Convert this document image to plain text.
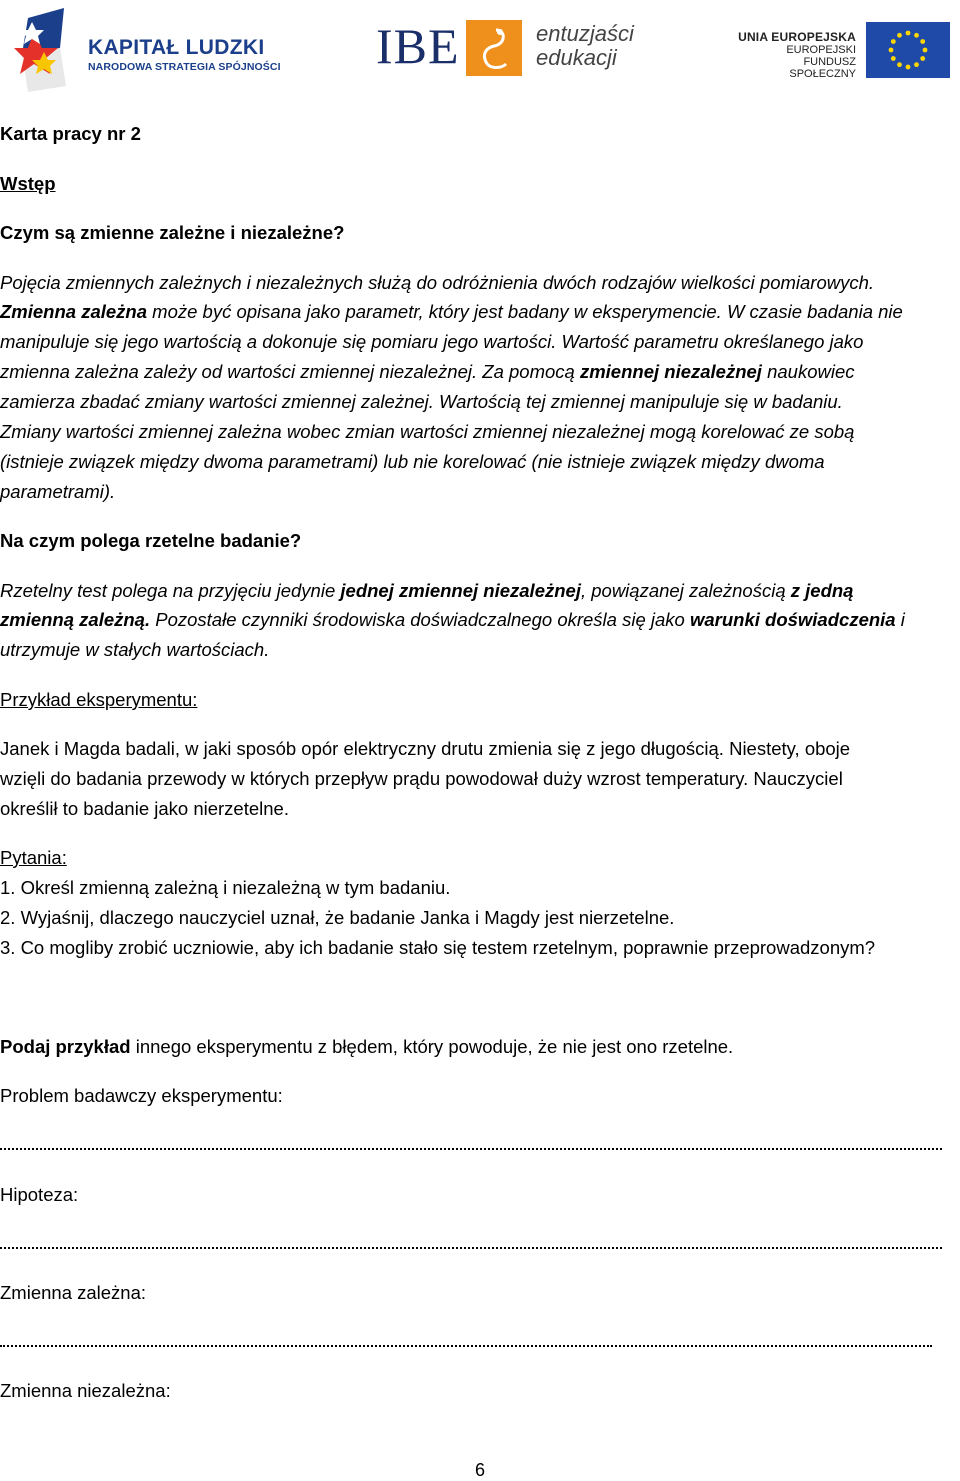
KAPITAŁ LUDZKI
NARODOWA STRATEGIA SPÓJNOŚCI IBE	entuzjaści
edukacji
UNIA EUROPEJSKA
EUROPEJSKI
FUNDUSZ SPOŁECZNY
Karta pracy nr 2
Wstęp
Czym są zmienne zależne i niezależne?
Pojęcia zmiennych zależnych i niezależnych służą do odróżnienia dwóch rodzajów wielkości pomiarowych.
Zmienna zależna może być opisana jako parametr, który jest badany w eksperymencie. W czasie badania nie
manipuluje się jego wartością a dokonuje się pomiaru jego wartości. Wartość parametru określanego jako
zmienna zależna zależy od wartości zmiennej niezależnej. Za pomocą zmiennej niezależnej naukowiec
zamierza zbadać zmiany wartości zmiennej zależnej. Wartością tej zmiennej manipuluje się w badaniu.
Zmiany wartości zmiennej zależna wobec zmian wartości zmiennej niezależnej mogą korelować ze sobą
(istnieje związek między dwoma parametrami) lub nie korelować (nie istnieje związek między dwoma
parametrami).
Na czym polega rzetelne badanie?
Rzetelny test polega na przyjęciu jedynie jednej zmiennej niezależnej, powiązanej zależnością z jedną
zmienną zależną. Pozostałe czynniki środowiska doświadczalnego określa się jako warunki doświadczenia i
utrzymuje w stałych wartościach.
Przykład eksperymentu:
Janek i Magda badali, w jaki sposób opór elektryczny drutu zmienia się z jego długością. Niestety, oboje
wzięli do badania przewody w których przepływ prądu powodował duży wzrost temperatury. Nauczyciel
określił to badanie jako nierzetelne.
Pytania:
1. Określ zmienną zależną i niezależną w tym badaniu.
2. Wyjaśnij, dlaczego nauczyciel uznał, że badanie Janka i Magdy jest nierzetelne.
3. Co mogliby zrobić uczniowie, aby ich badanie stało się testem rzetelnym, poprawnie przeprowadzonym?
Podaj przykład innego eksperymentu z błędem, który powoduje, że nie jest ono rzetelne.
Problem badawczy eksperymentu:
Hipoteza:
Zmienna zależna:
Zmienna niezależna:
6
